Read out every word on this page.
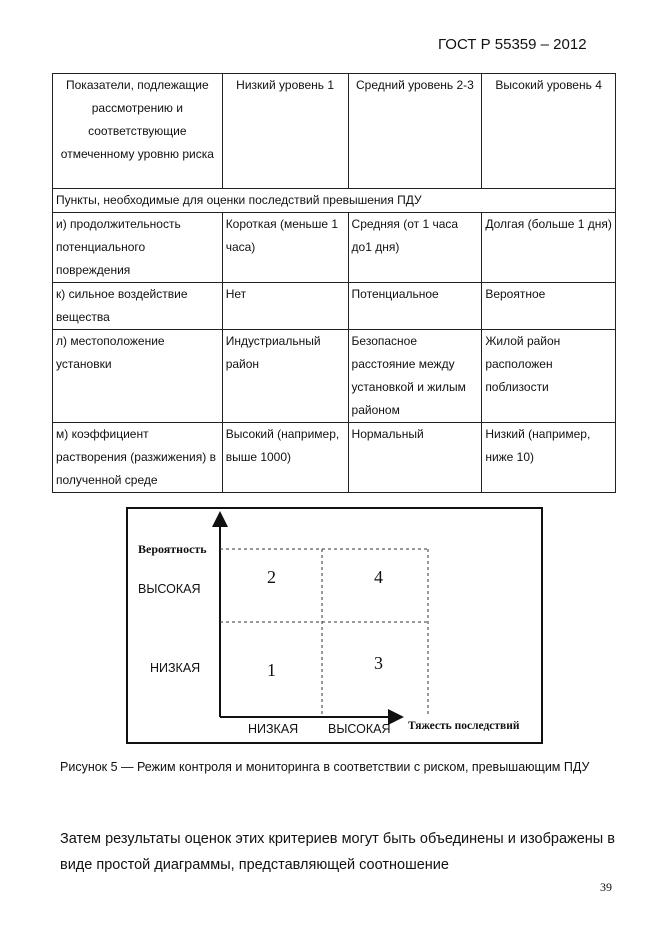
ГОСТ Р 55359 – 2012
Показатели, подлежащие рассмотрению и соответствующие отмеченному уровню риска	Низкий уровень 1	Средний уровень 2-3	Высокий уровень 4
Пункты, необходимые для оценки последствий превышения ПДУ			
и) продолжительность потенциального повреждения	Короткая (меньше 1 часа)	Средняя (от 1 часа до1 дня)	Долгая (больше 1 дня)
к) сильное воздействие вещества	Нет	Потенциальное	Вероятное
л) местоположение установки	Индустриальный район	Безопасное расстояние между установкой и жилым районом	Жилой район расположен поблизости
м) коэффициент растворения (разжижения) в полученной среде	Высокий (например, выше 1000)	Нормальный	Низкий (например, ниже 10)
Вероятность
ВЫСОКАЯ
НИЗКАЯ
НИЗКАЯ ВЫСОКАЯ Тяжесть последствий
2	4
1	3
Рисунок 5 — Режим контроля и мониторинга в соответствии с риском, превышающим ПДУ
Затем результаты оценок этих критериев могут быть объединены и изображены в виде простой диаграммы, представляющей соотношение
39
